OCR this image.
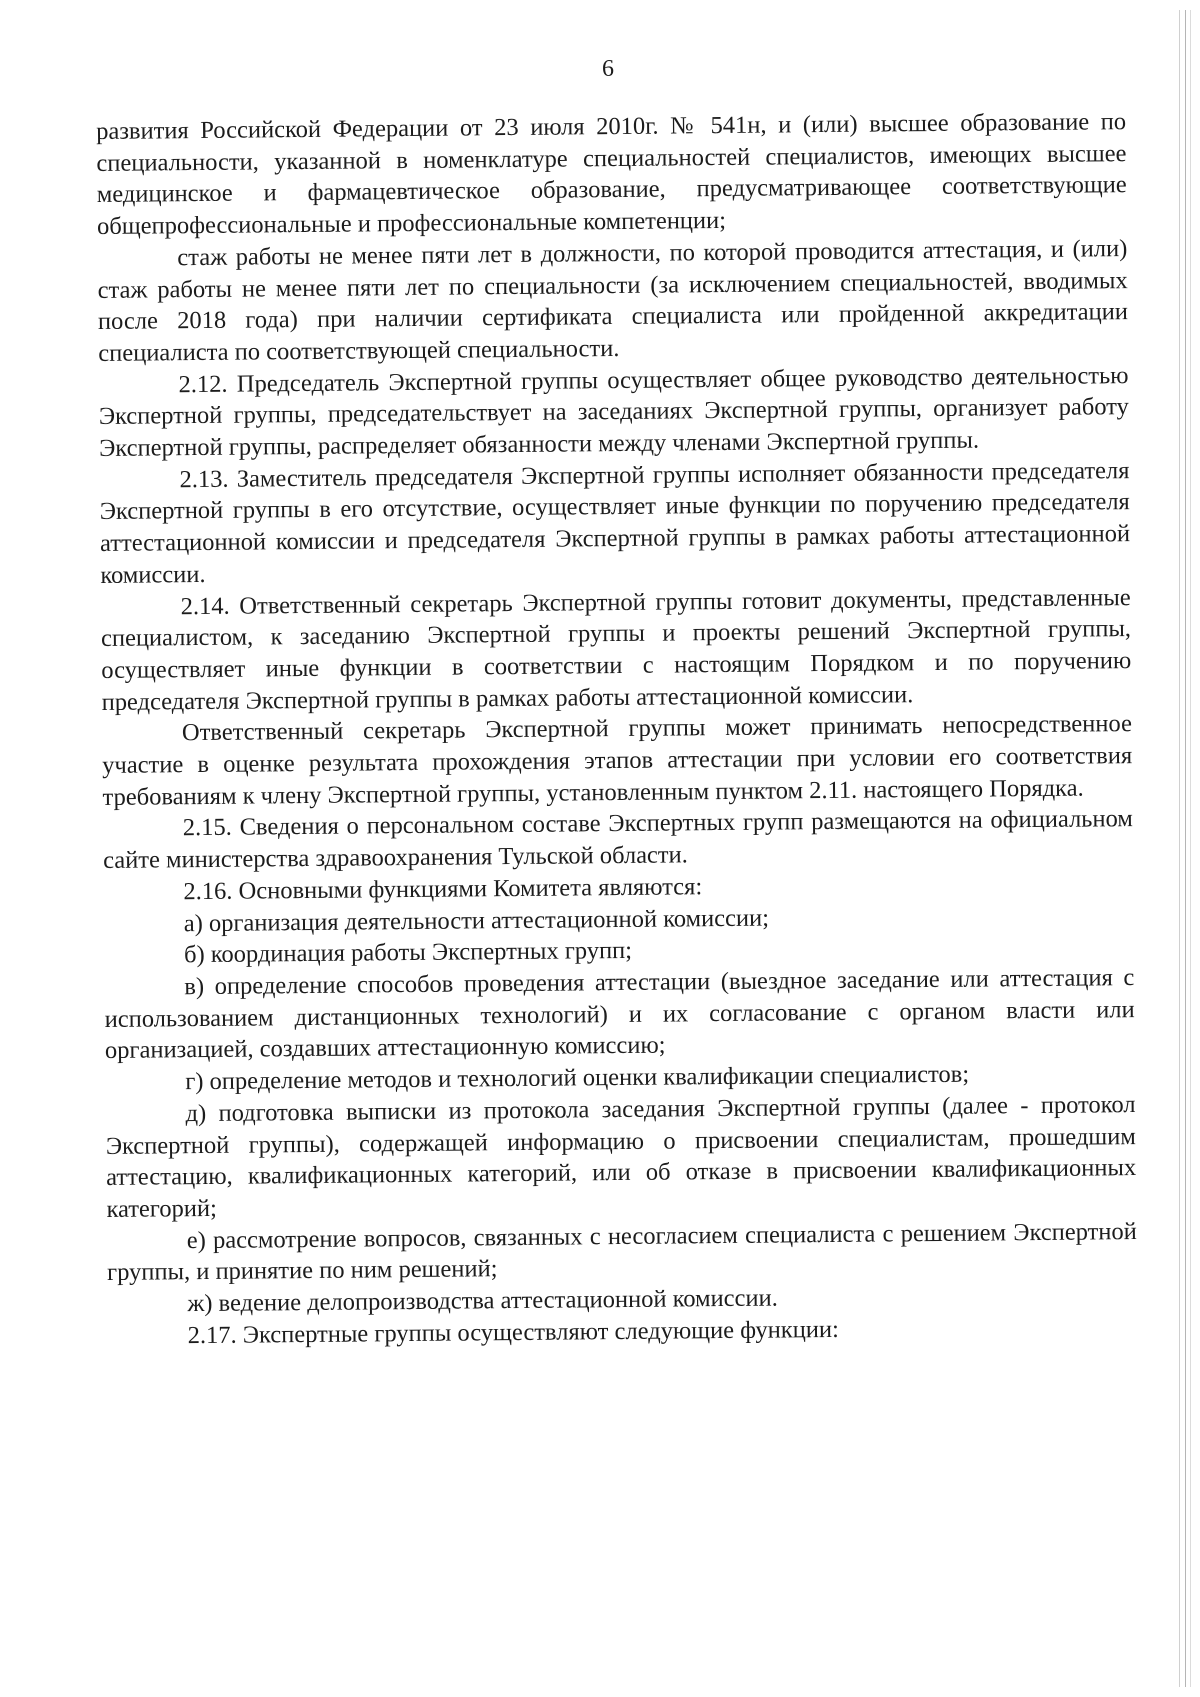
6

развития Российской Федерации от 23 июля 2010г. № 541н, и (или) высшее образование по специальности, указанной в номенклатуре специальностей специалистов, имеющих высшее медицинское и фармацевтическое образование, предусматривающее соответствующие общепрофессиональные и профессиональные компетенции;

стаж работы не менее пяти лет в должности, по которой проводится аттестация, и (или) стаж работы не менее пяти лет по специальности (за исключением специальностей, вводимых после 2018 года) при наличии сертификата специалиста или пройденной аккредитации специалиста по соответствующей специальности.

2.12. Председатель Экспертной группы осуществляет общее руководство деятельностью Экспертной группы, председательствует на заседаниях Экспертной группы, организует работу Экспертной группы, распределяет обязанности между членами Экспертной группы.

2.13. Заместитель председателя Экспертной группы исполняет обязанности председателя Экспертной группы в его отсутствие, осуществляет иные функции по поручению председателя аттестационной комиссии и председателя Экспертной группы в рамках работы аттестационной комиссии.

2.14. Ответственный секретарь Экспертной группы готовит документы, представленные специалистом, к заседанию Экспертной группы и проекты решений Экспертной группы, осуществляет иные функции в соответствии с настоящим Порядком и по поручению председателя Экспертной группы в рамках работы аттестационной комиссии.

Ответственный секретарь Экспертной группы может принимать непосредственное участие в оценке результата прохождения этапов аттестации при условии его соответствия требованиям к члену Экспертной группы, установленным пунктом 2.11. настоящего Порядка.

2.15. Сведения о персональном составе Экспертных групп размещаются на официальном сайте министерства здравоохранения Тульской области.

2.16. Основными функциями Комитета являются:

а) организация деятельности аттестационной комиссии;

б) координация работы Экспертных групп;

в) определение способов проведения аттестации (выездное заседание или аттестация с использованием дистанционных технологий) и их согласование с органом власти или организацией, создавших аттестационную комиссию;

г) определение методов и технологий оценки квалификации специалистов;

д) подготовка выписки из протокола заседания Экспертной группы (далее - протокол Экспертной группы), содержащей информацию о присвоении специалистам, прошедшим аттестацию, квалификационных категорий, или об отказе в присвоении квалификационных категорий;

е) рассмотрение вопросов, связанных с несогласием специалиста с решением Экспертной группы, и принятие по ним решений;

ж) ведение делопроизводства аттестационной комиссии.

2.17. Экспертные группы осуществляют следующие функции:
